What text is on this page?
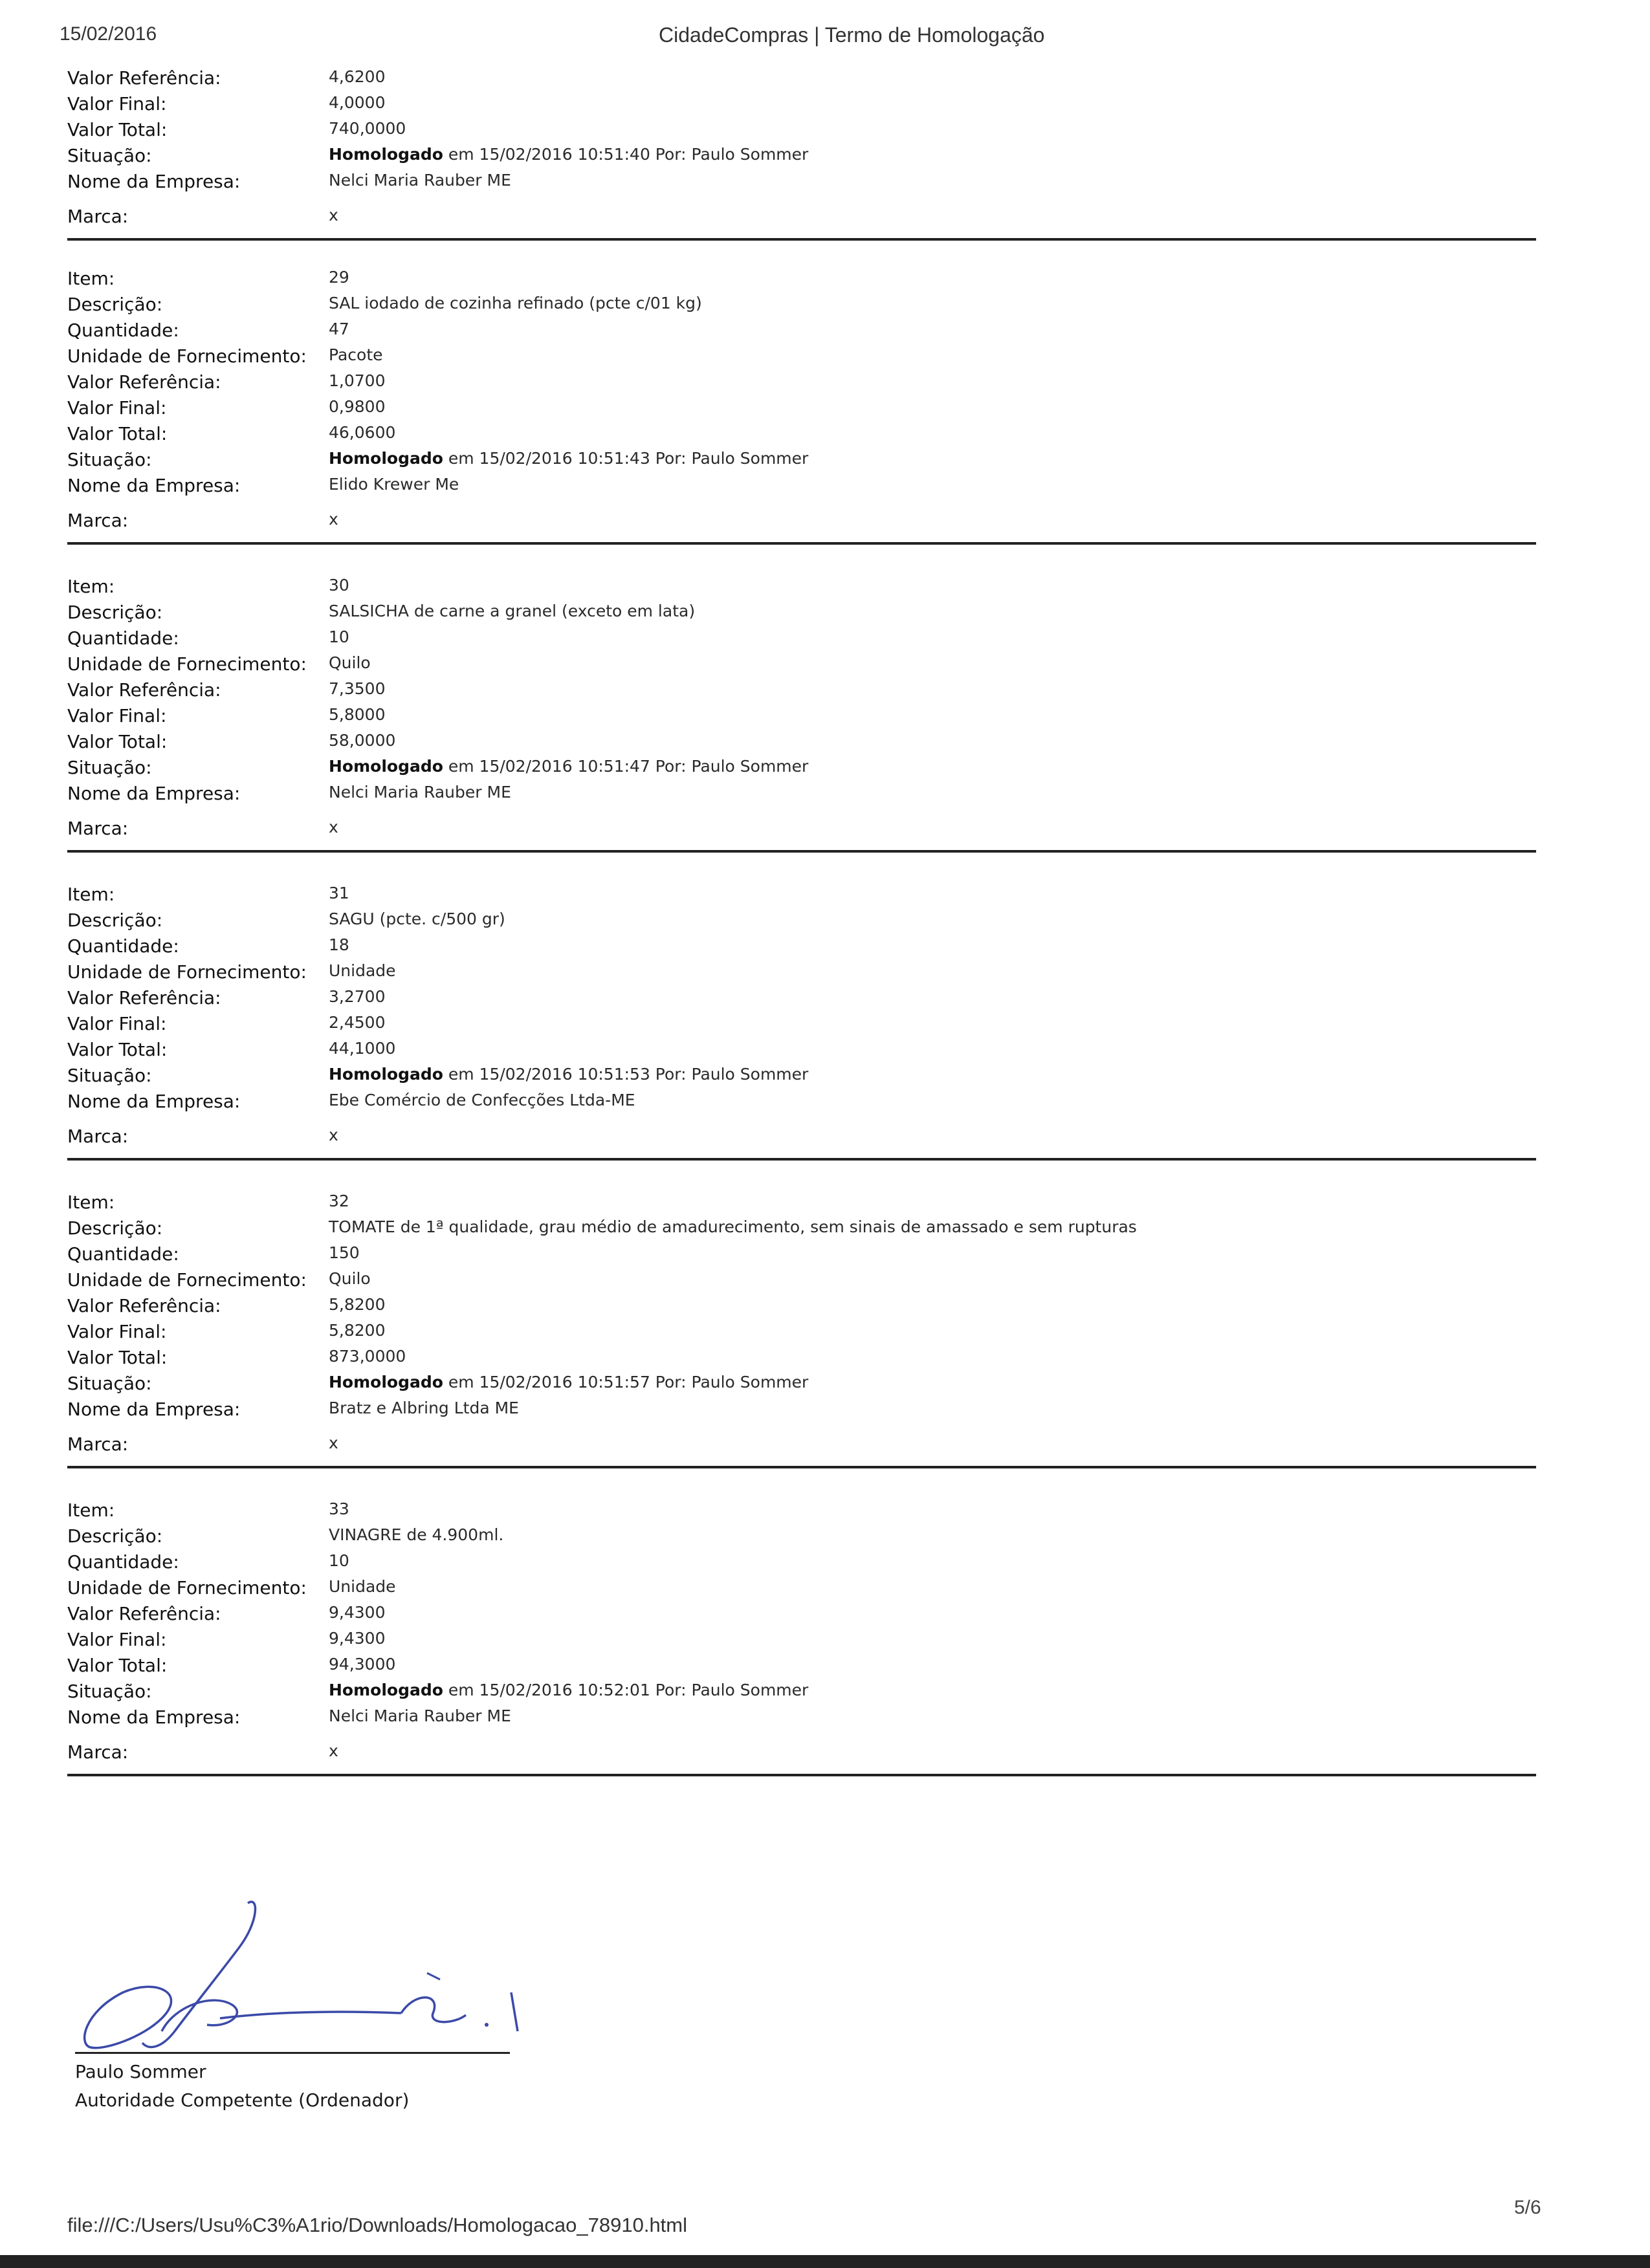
15/02/2016	CidadeCompras | Termo de Homologação
Valor Referência:	4,6200
Valor Final:	4,0000
Valor Total:	740,0000
Situação:	Homologado em 15/02/2016 10:51:40 Por: Paulo Sommer
Nome da Empresa:	Nelci Maria Rauber ME
Marca:	x
Item:	29
Descrição:	SAL iodado de cozinha refinado (pcte c/01 kg)
Quantidade:	47
Unidade de Fornecimento: Pacote
Valor Referência:	1,0700
Valor Final:	0,9800
Valor Total:	46,0600
Situação:	Homologado em 15/02/2016 10:51:43 Por: Paulo Sommer
Nome da Empresa:	Elido Krewer Me
Marca:	x
Item:	30
Descrição:	SALSICHA de carne a granel (exceto em lata)
Quantidade:	10
Unidade de Fornecimento: Quilo
Valor Referência:	7,3500
Valor Final:	5,8000
Valor Total:	58,0000
Situação:	Homologado em 15/02/2016 10:51:47 Por: Paulo Sommer
Nome da Empresa:	Nelci Maria Rauber ME
Marca:	x
Item:	31
Descrição:	SAGU (pcte. c/500 gr)
Quantidade:	18
Unidade de Fornecimento: Unidade
Valor Referência:	3,2700
Valor Final:	2,4500
Valor Total:	44,1000
Situação:	Homologado em 15/02/2016 10:51:53 Por: Paulo Sommer
Nome da Empresa:	Ebe Comércio de Confecções Ltda-ME
Marca:	x
Item:	32
Descrição:	TOMATE de 1ª qualidade, grau médio de amadurecimento, sem sinais de amassado e sem rupturas
Quantidade:	150
Unidade de Fornecimento: Quilo
Valor Referência:	5,8200
Valor Final:	5,8200
Valor Total:	873,0000
Situação:	Homologado em 15/02/2016 10:51:57 Por: Paulo Sommer
Nome da Empresa:	Bratz e Albring Ltda ME
Marca:	x
Item:	33
Descrição:	VINAGRE de 4.900ml.
Quantidade:	10
Unidade de Fornecimento: Unidade
Valor Referência:	9,4300
Valor Final:	9,4300
Valor Total:	94,3000
Situação:	Homologado em 15/02/2016 10:52:01 Por: Paulo Sommer
Nome da Empresa:	Nelci Maria Rauber ME
Marca:	x
Paulo Sommer
Autoridade Competente (Ordenador)
file:///C:/Users/Usu%C3%A1rio/Downloads/Homologacao_78910.html
5/6
